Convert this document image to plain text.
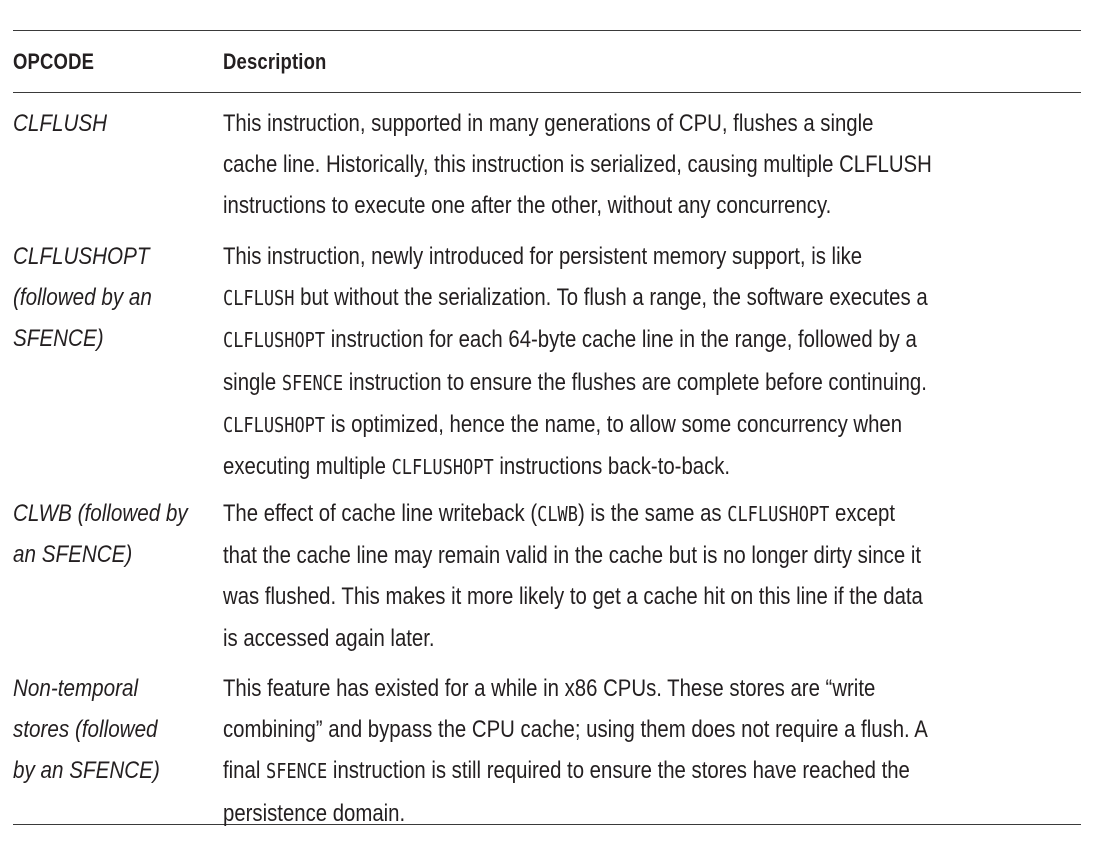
OPCODE	Description
CLFLUSH	This instruction, supported in many generations of CPU, flushes a single
cache line. Historically, this instruction is serialized, causing multiple CLFLUSH
instructions to execute one after the other, without any concurrency.
CLFLUSHOPT
(followed by an
SFENCE)
This instruction, newly introduced for persistent memory support, is like
CLFLUSH but without the serialization. To flush a range, the software executes a
CLFLUSHOPT instruction for each 64-byte cache line in the range, followed by a
single SFENCE instruction to ensure the flushes are complete before continuing.
CLFLUSHOPT is optimized, hence the name, to allow some concurrency when
executing multiple CLFLUSHOPT instructions back-to-back.
CLWB (followed by
an SFENCE)
The effect of cache line writeback (CLWB) is the same as CLFLUSHOPT except
that the cache line may remain valid in the cache but is no longer dirty since it
was flushed. This makes it more likely to get a cache hit on this line if the data
is accessed again later.
Non-temporal
stores (followed
by an SFENCE)
This feature has existed for a while in x86 CPUs. These stores are “write
combining” and bypass the CPU cache; using them does not require a flush. A
final SFENCE instruction is still required to ensure the stores have reached the
persistence domain.
